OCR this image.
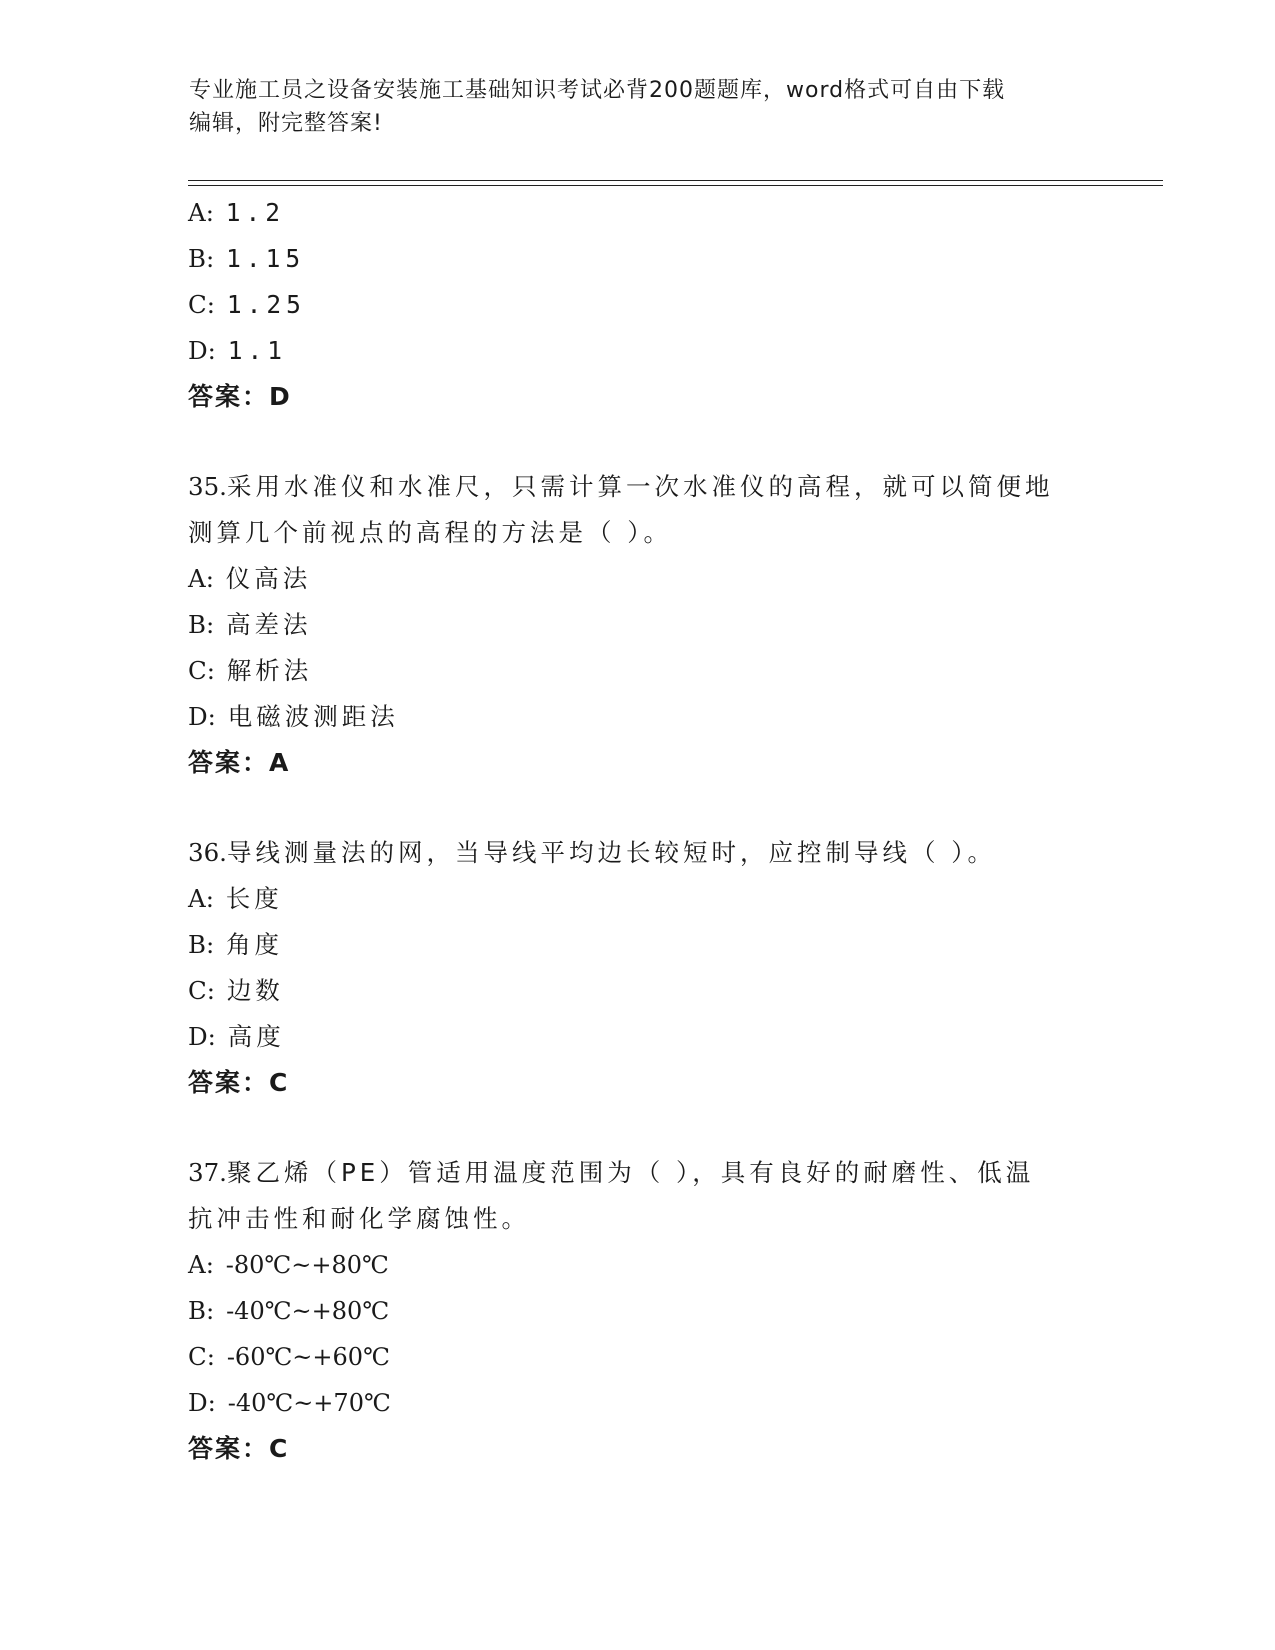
专业施工员之设备安装施工基础知识考试必背200题题库，word格式可自由下载
编辑，附完整答案!
A: 1.2
B: 1.15
C: 1.25
D: 1.1
答案：D
35.采用水准仪和水准尺，只需计算一次水准仪的高程，就可以简便地
测算几个前视点的高程的方法是（ ）。
A: 仪高法
B: 高差法
C: 解析法
D: 电磁波测距法
答案：A
36.导线测量法的网，当导线平均边长较短时，应控制导线（ ）。
A: 长度
B: 角度
C: 边数
D: 高度
答案：C
37.聚乙烯（PE）管适用温度范围为（ ），具有良好的耐磨性、低温
抗冲击性和耐化学腐蚀性。
A: -80℃~+80℃
B: -40℃~+80℃
C: -60℃~+60℃
D: -40℃~+70℃
答案：C
